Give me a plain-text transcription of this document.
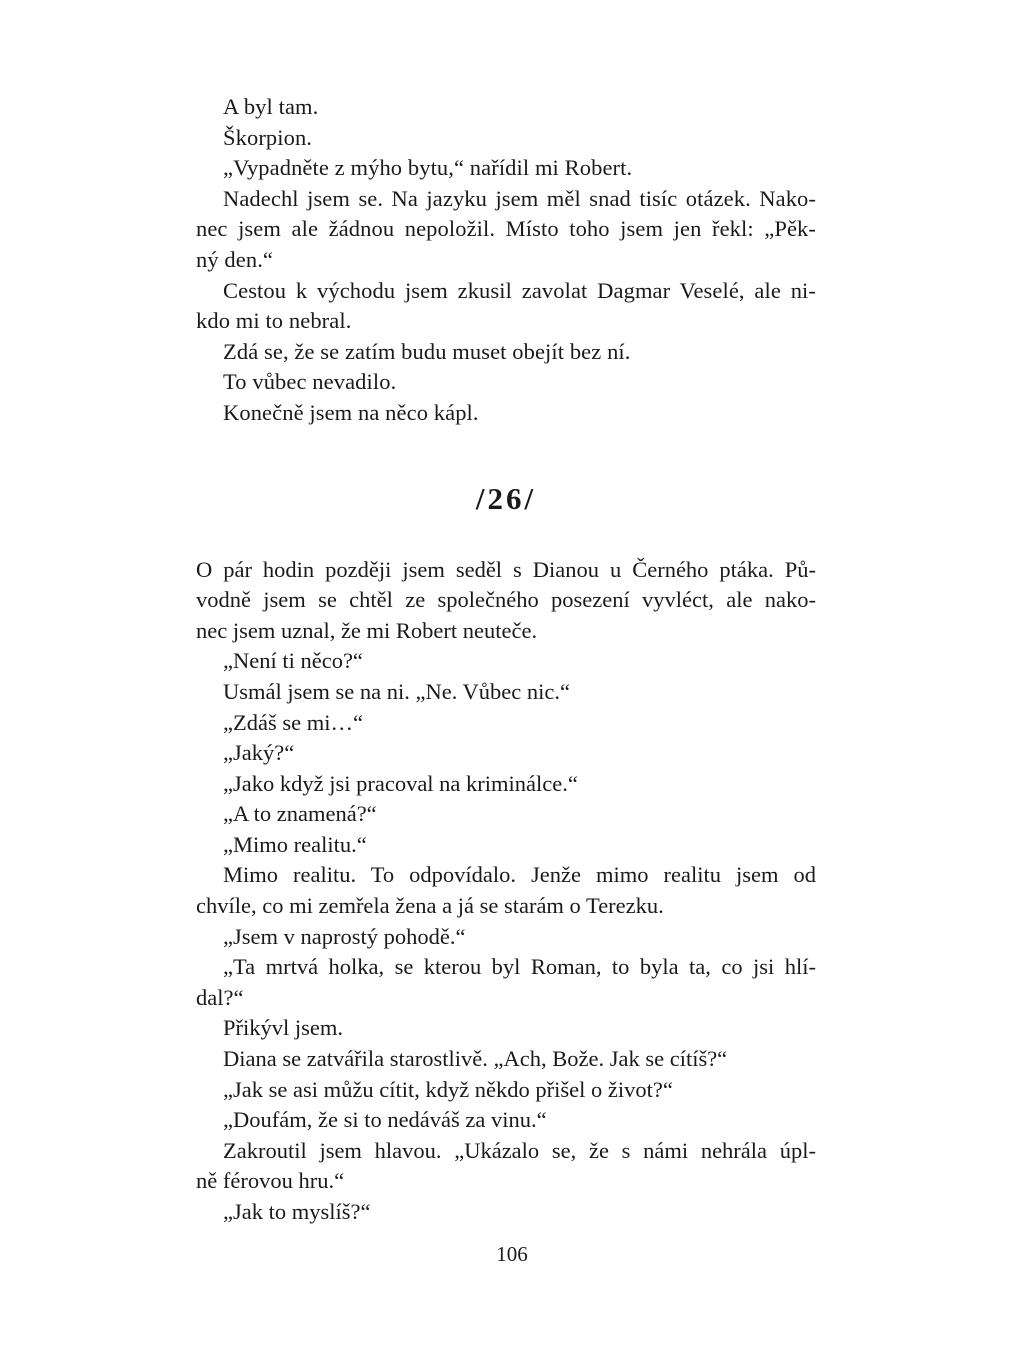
A byl tam.
Škorpion.
„Vypadněte z mýho bytu,“ nařídil mi Robert.
Nadechl jsem se. Na jazyku jsem měl snad tisíc otázek. Nako-
nec jsem ale žádnou nepoložil. Místo toho jsem jen řekl: „Pěk-
ný den.“
Cestou k východu jsem zkusil zavolat Dagmar Veselé, ale ni-
kdo mi to nebral.
Zdá se, že se zatím budu muset obejít bez ní.
To vůbec nevadilo.
Konečně jsem na něco kápl.
/26/
O pár hodin později jsem seděl s Dianou u Černého ptáka. Pů-
vodně jsem se chtěl ze společného posezení vyvléct, ale nako-
nec jsem uznal, že mi Robert neuteče.
„Není ti něco?“
Usmál jsem se na ni. „Ne. Vůbec nic.“
„Zdáš se mi…“
„Jaký?“
„Jako když jsi pracoval na kriminálce.“
„A to znamená?“
„Mimo realitu.“
Mimo realitu. To odpovídalo. Jenže mimo realitu jsem od
chvíle, co mi zemřela žena a já se starám o Terezku.
„Jsem v naprostý pohodě.“
„Ta mrtvá holka, se kterou byl Roman, to byla ta, co jsi hlí-
dal?“
Přikývl jsem.
Diana se zatvářila starostlivě. „Ach, Bože. Jak se cítíš?“
„Jak se asi můžu cítit, když někdo přišel o život?“
„Doufám, že si to nedáváš za vinu.“
Zakroutil jsem hlavou. „Ukázalo se, že s námi nehrála úpl-
ně férovou hru.“
„Jak to myslíš?“
106
